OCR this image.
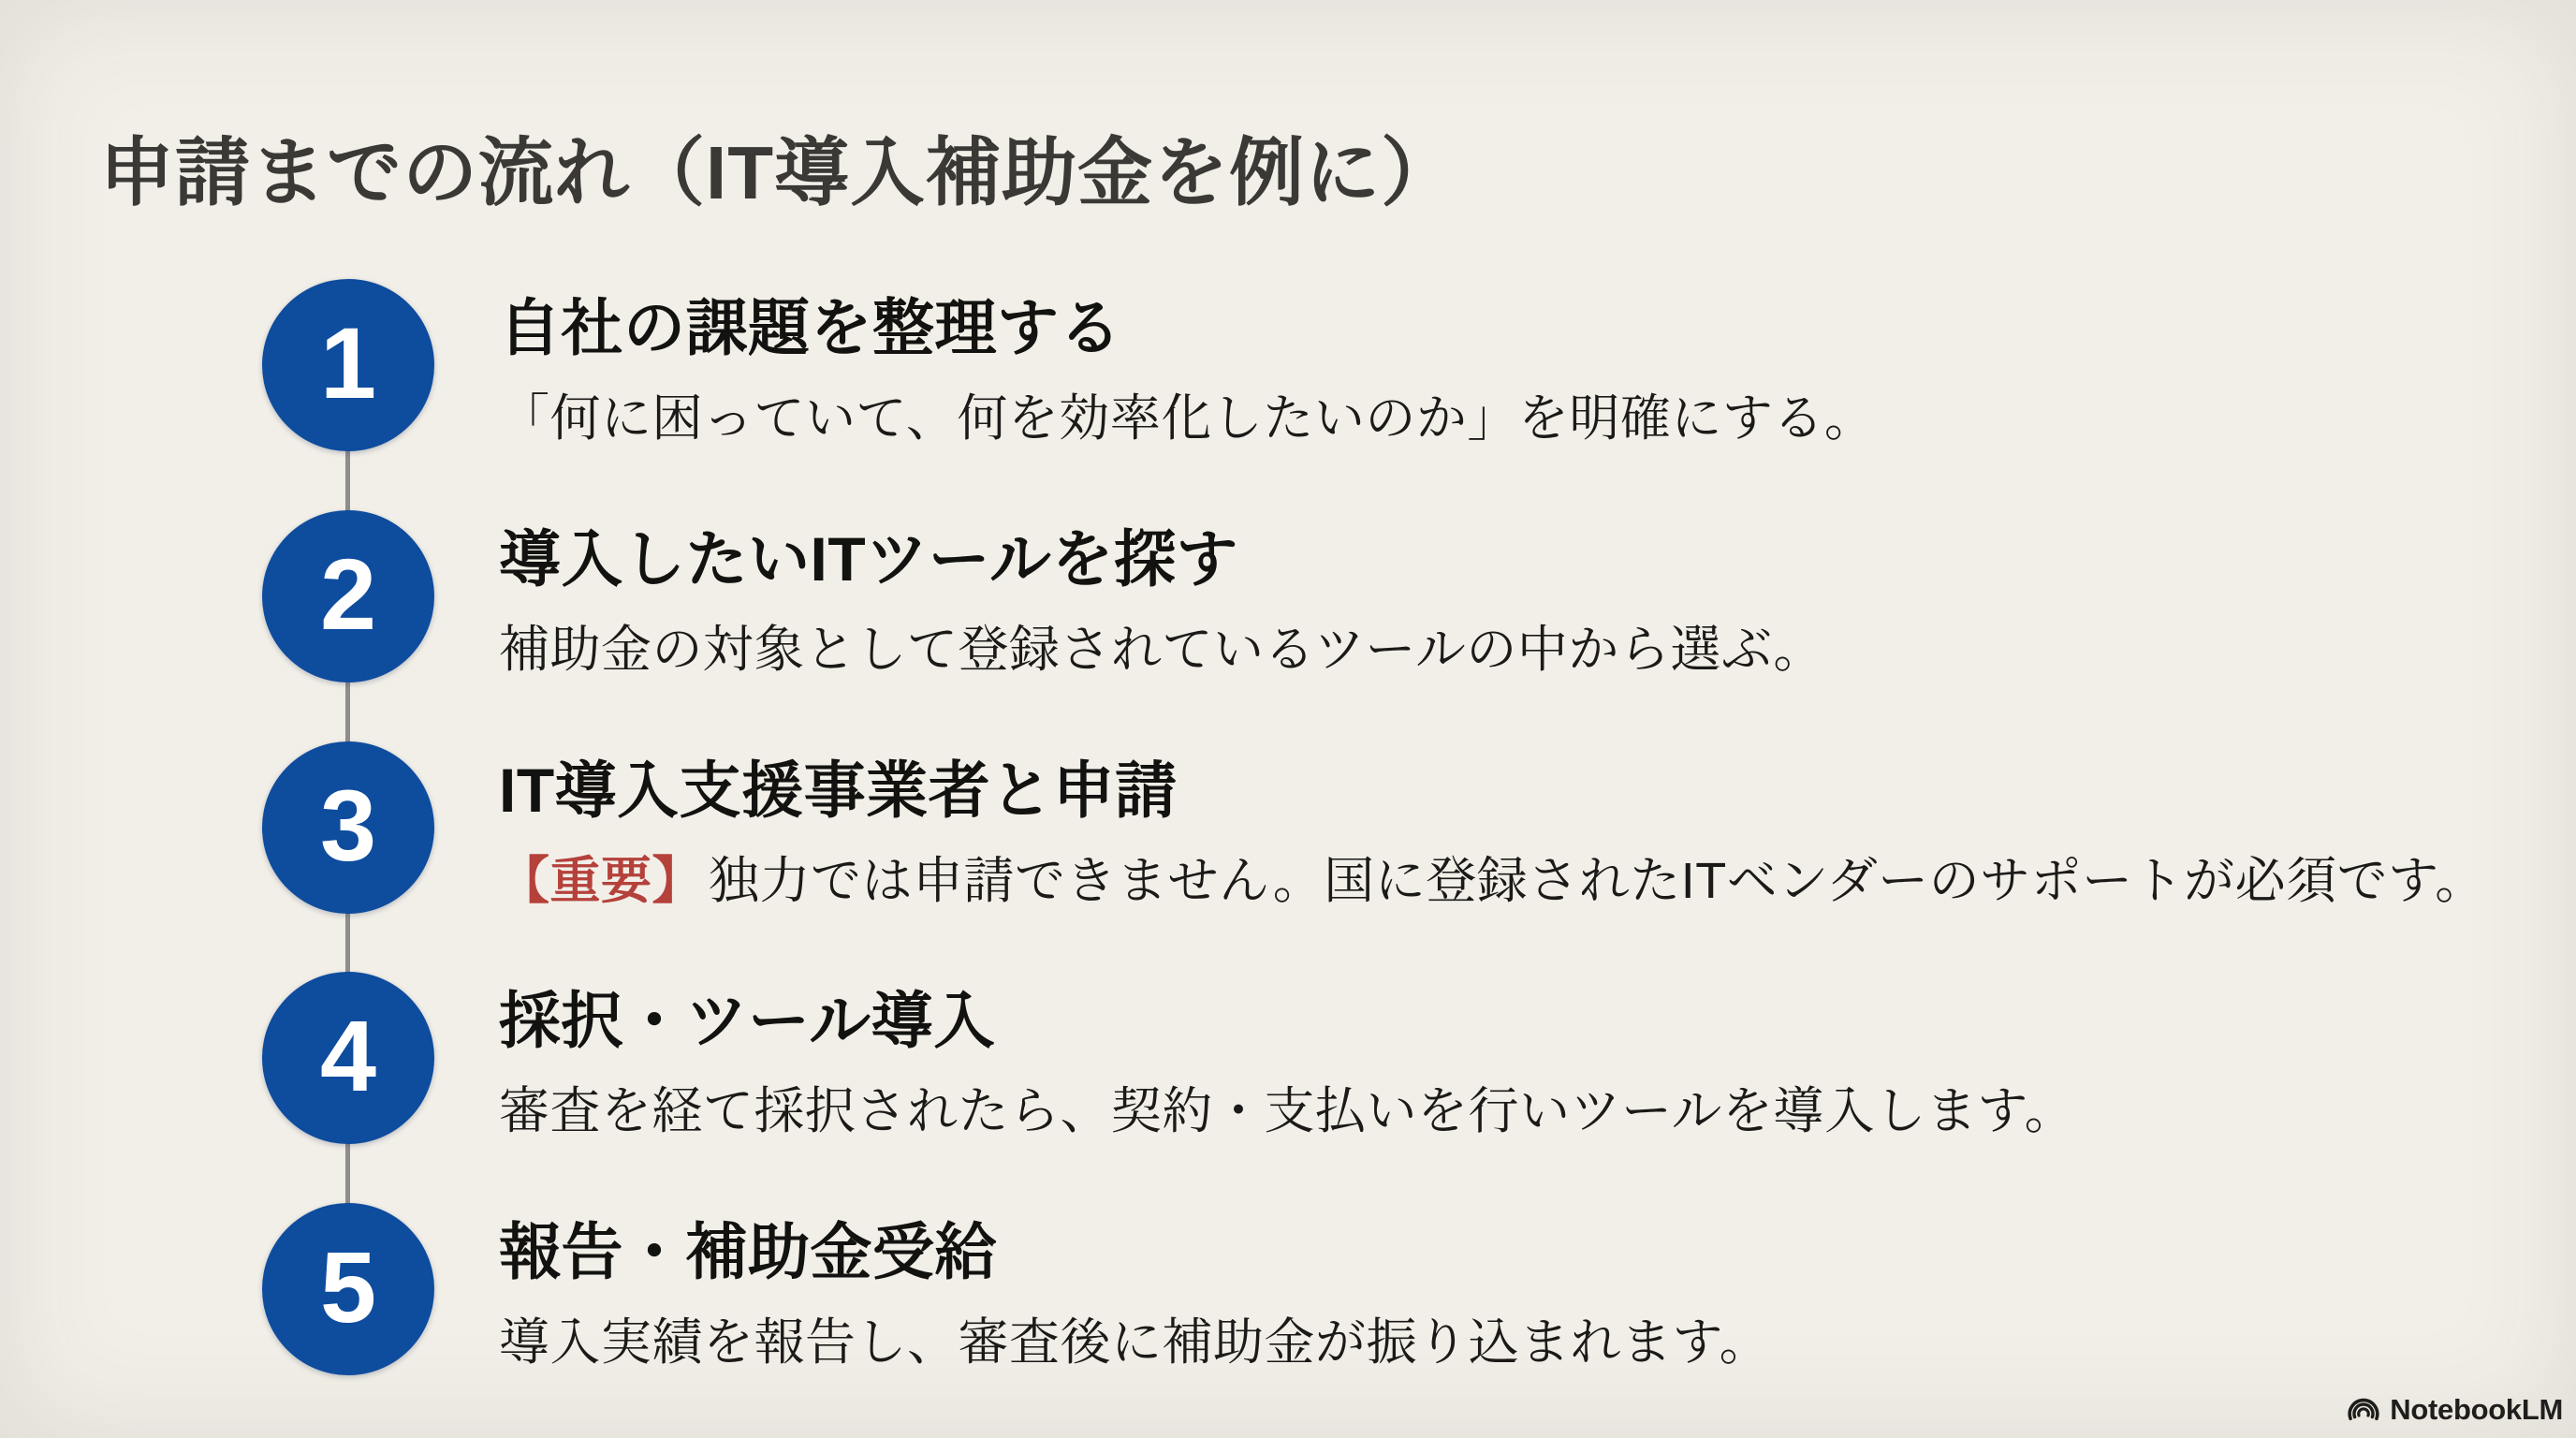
申請までの流れ（IT導入補助金を例に）
1 自社の課題を整理する
「何に困っていて、何を効率化したいのか」を明確にする。
2 導入したいITツールを探す
補助金の対象として登録されているツールの中から選ぶ。
3 IT導入支援事業者と申請
【重要】 独力では申請できません。国に登録されたITベンダーのサポートが必須です。
4 採択・ツール導入
審査を経て採択されたら、契約・支払いを行いツールを導入します。
5 報告・補助金受給
導入実績を報告し、審査後に補助金が振り込まれます。
NotebookLM
